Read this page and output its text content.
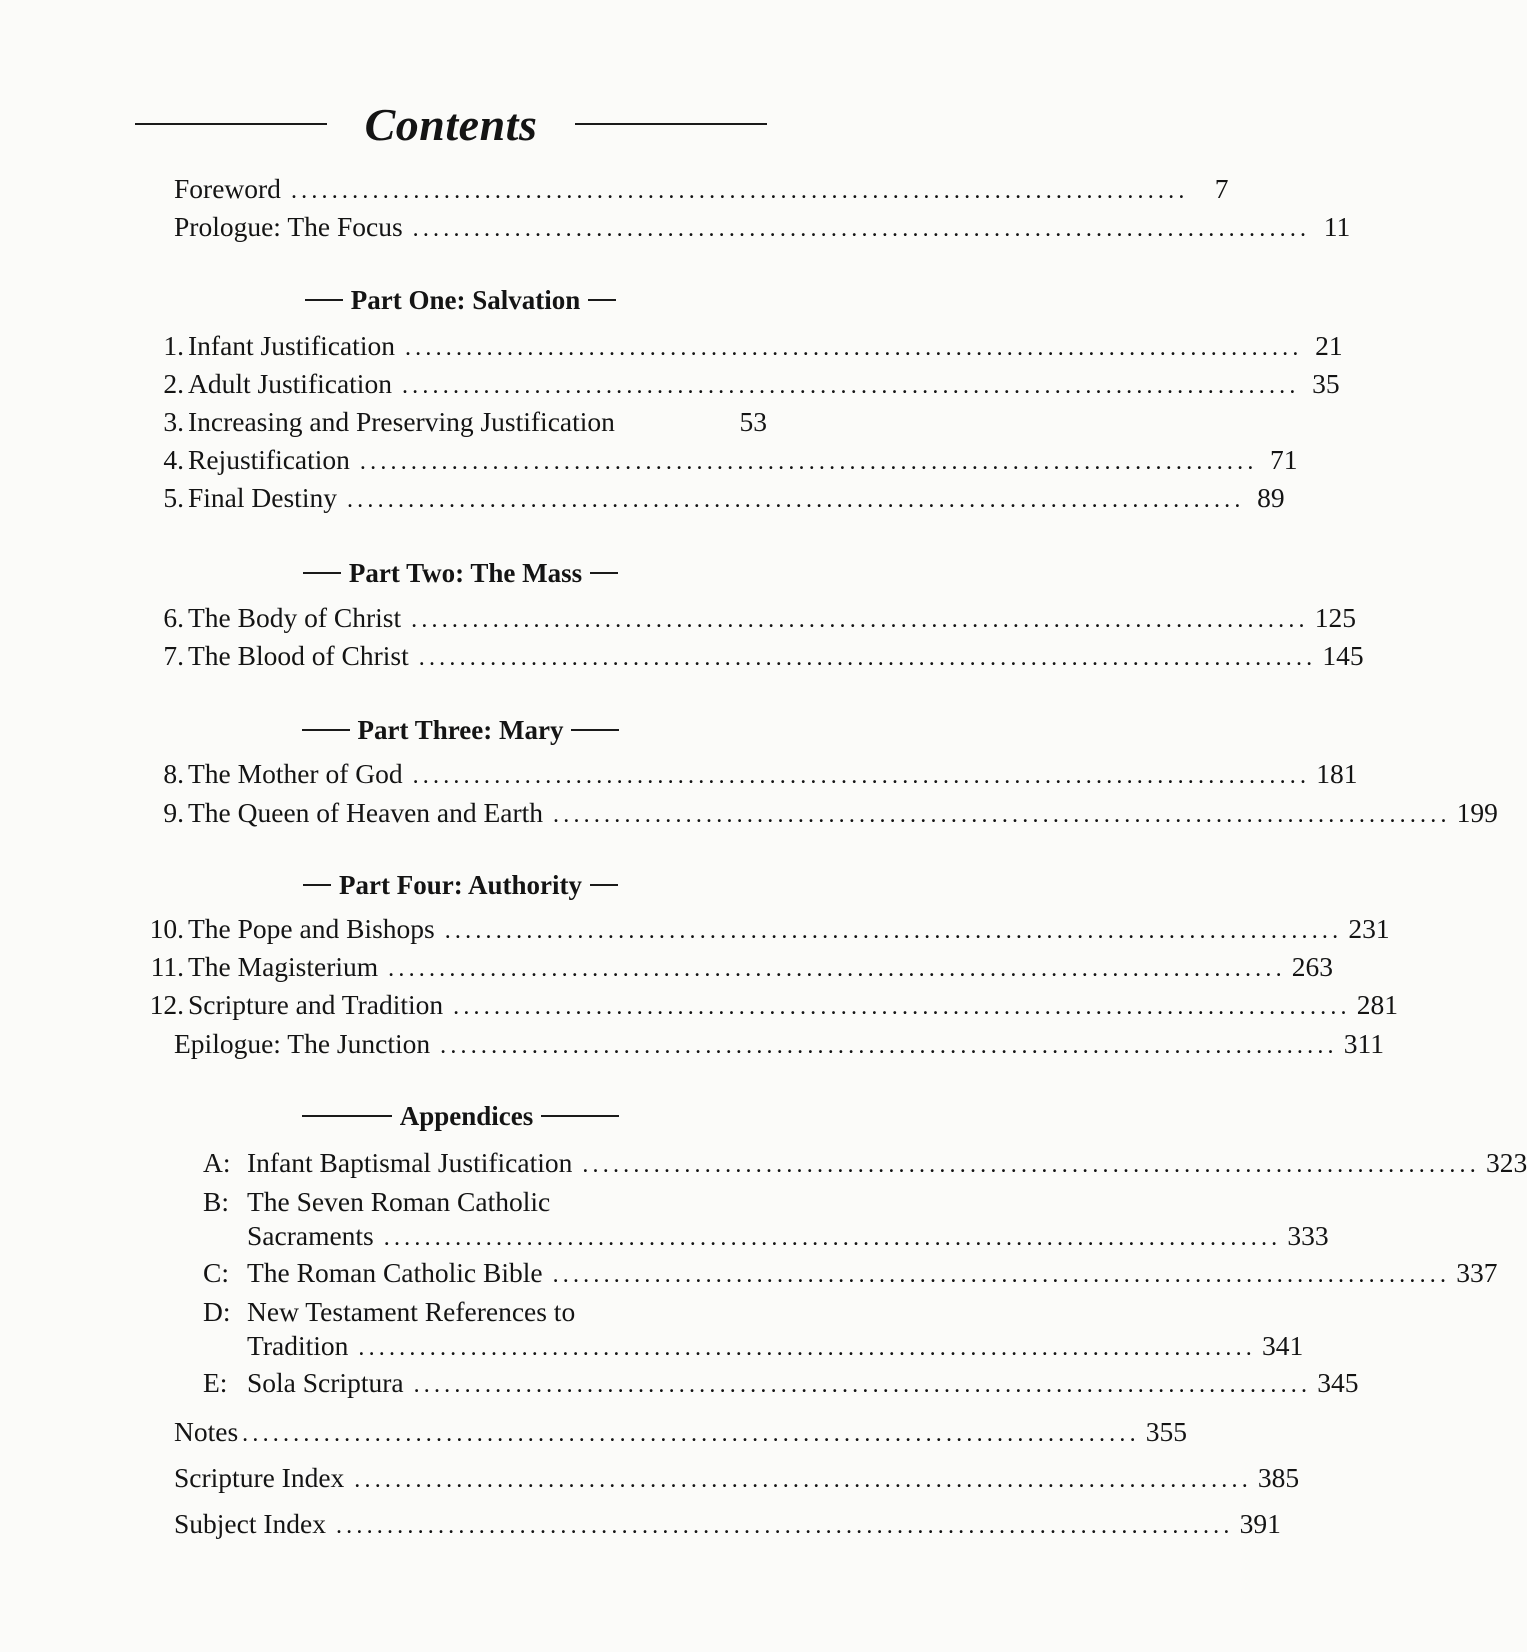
Contents
Foreword ........................................................................................ 7
Prologue: The Focus ........................................................................................ 11
Part One: Salvation
1. Infant Justification ........................................................................................ 21
2. Adult Justification ........................................................................................ 35
3. Increasing and Preserving Justification	53
4. Rejustification ........................................................................................ 71
5. Final Destiny ........................................................................................ 89
Part Two: The Mass
6. The Body of Christ ........................................................................................ 125
7. The Blood of Christ ........................................................................................ 145
Part Three: Mary
8. The Mother of God ........................................................................................ 181
9. The Queen of Heaven and Earth ........................................................................................ 199
Part Four: Authority
10. The Pope and Bishops ........................................................................................ 231
11. The Magisterium ........................................................................................ 263
12. Scripture and Tradition ........................................................................................ 281
Epilogue: The Junction ........................................................................................ 311
Appendices
A: Infant Baptismal Justification ........................................................................................ 323
B: The Seven Roman Catholic
Sacraments ........................................................................................ 333
C: The Roman Catholic Bible ........................................................................................ 337
D: New Testament References to
Tradition ........................................................................................ 341
E: Sola Scriptura ........................................................................................ 345
Notes ........................................................................................ 355
Scripture Index ........................................................................................ 385
Subject Index ........................................................................................ 391
